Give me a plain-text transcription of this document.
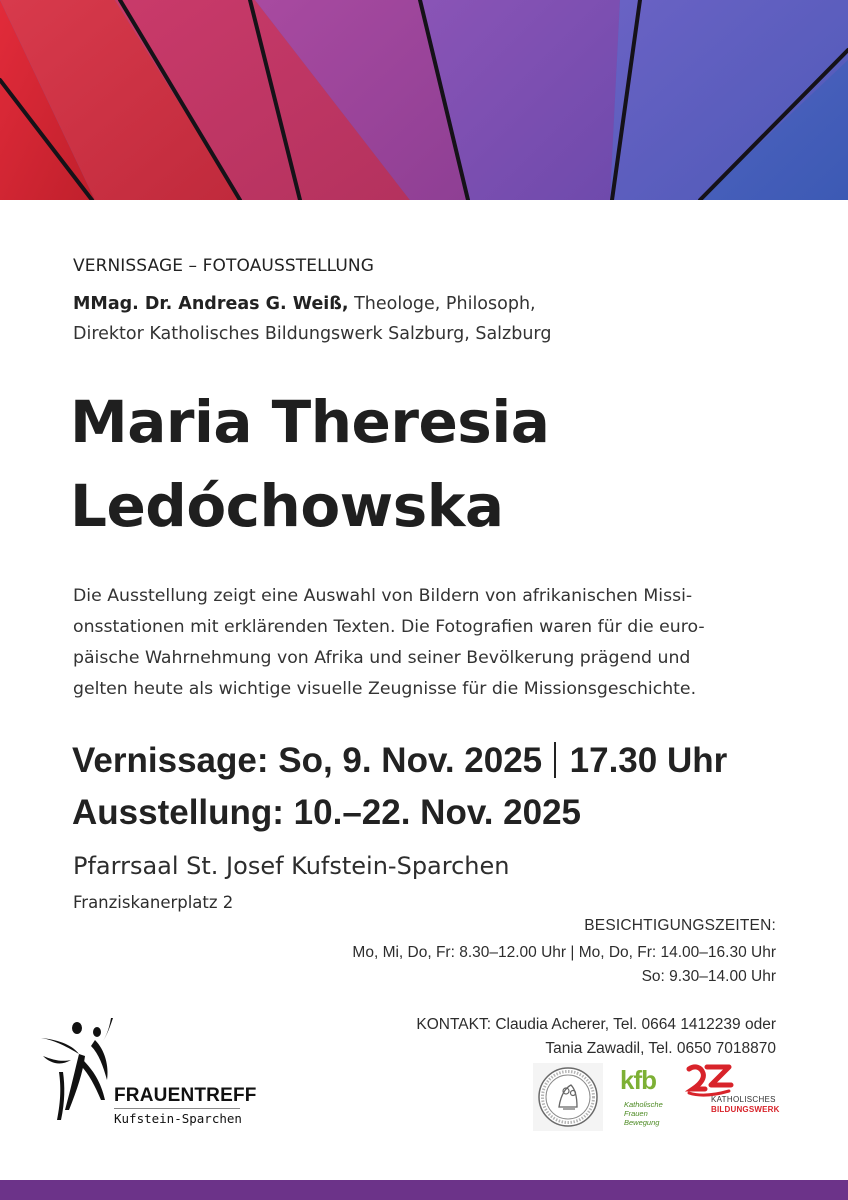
VERNISSAGE – FOTOAUSSTELLUNG
MMag. Dr. Andreas G. Weiß, Theologe, Philosoph,
Direktor Katholisches Bildungswerk Salzburg, Salzburg
Maria Theresia
Ledóchowska
Die Ausstellung zeigt eine Auswahl von Bildern von afrikanischen Missi-
onsstationen mit erklärenden Texten. Die Fotografien waren für die euro-
päische Wahrnehmung von Afrika und seiner Bevölkerung prägend und
gelten heute als wichtige visuelle Zeugnisse für die Missionsgeschichte.
Vernissage: So, 9. Nov. 2025 17.30 Uhr
Ausstellung: 10.–22. Nov. 2025
Pfarrsaal St. Josef Kufstein-Sparchen
Franziskanerplatz 2
BESICHTIGUNGSZEITEN:
Mo, Mi, Do, Fr: 8.30–12.00 Uhr | Mo, Do, Fr: 14.00–16.30 Uhr
So: 9.30–14.00 Uhr
KONTAKT: Claudia Acherer, Tel. 0664 1412239 oder
Tania Zawadil, Tel. 0650 7018870
FRAUENTREFF
Kufstein-Sparchen
kfb
Katholische
Frauen
Bewegung
KATHOLISCHES
BILDUNGSWERK
